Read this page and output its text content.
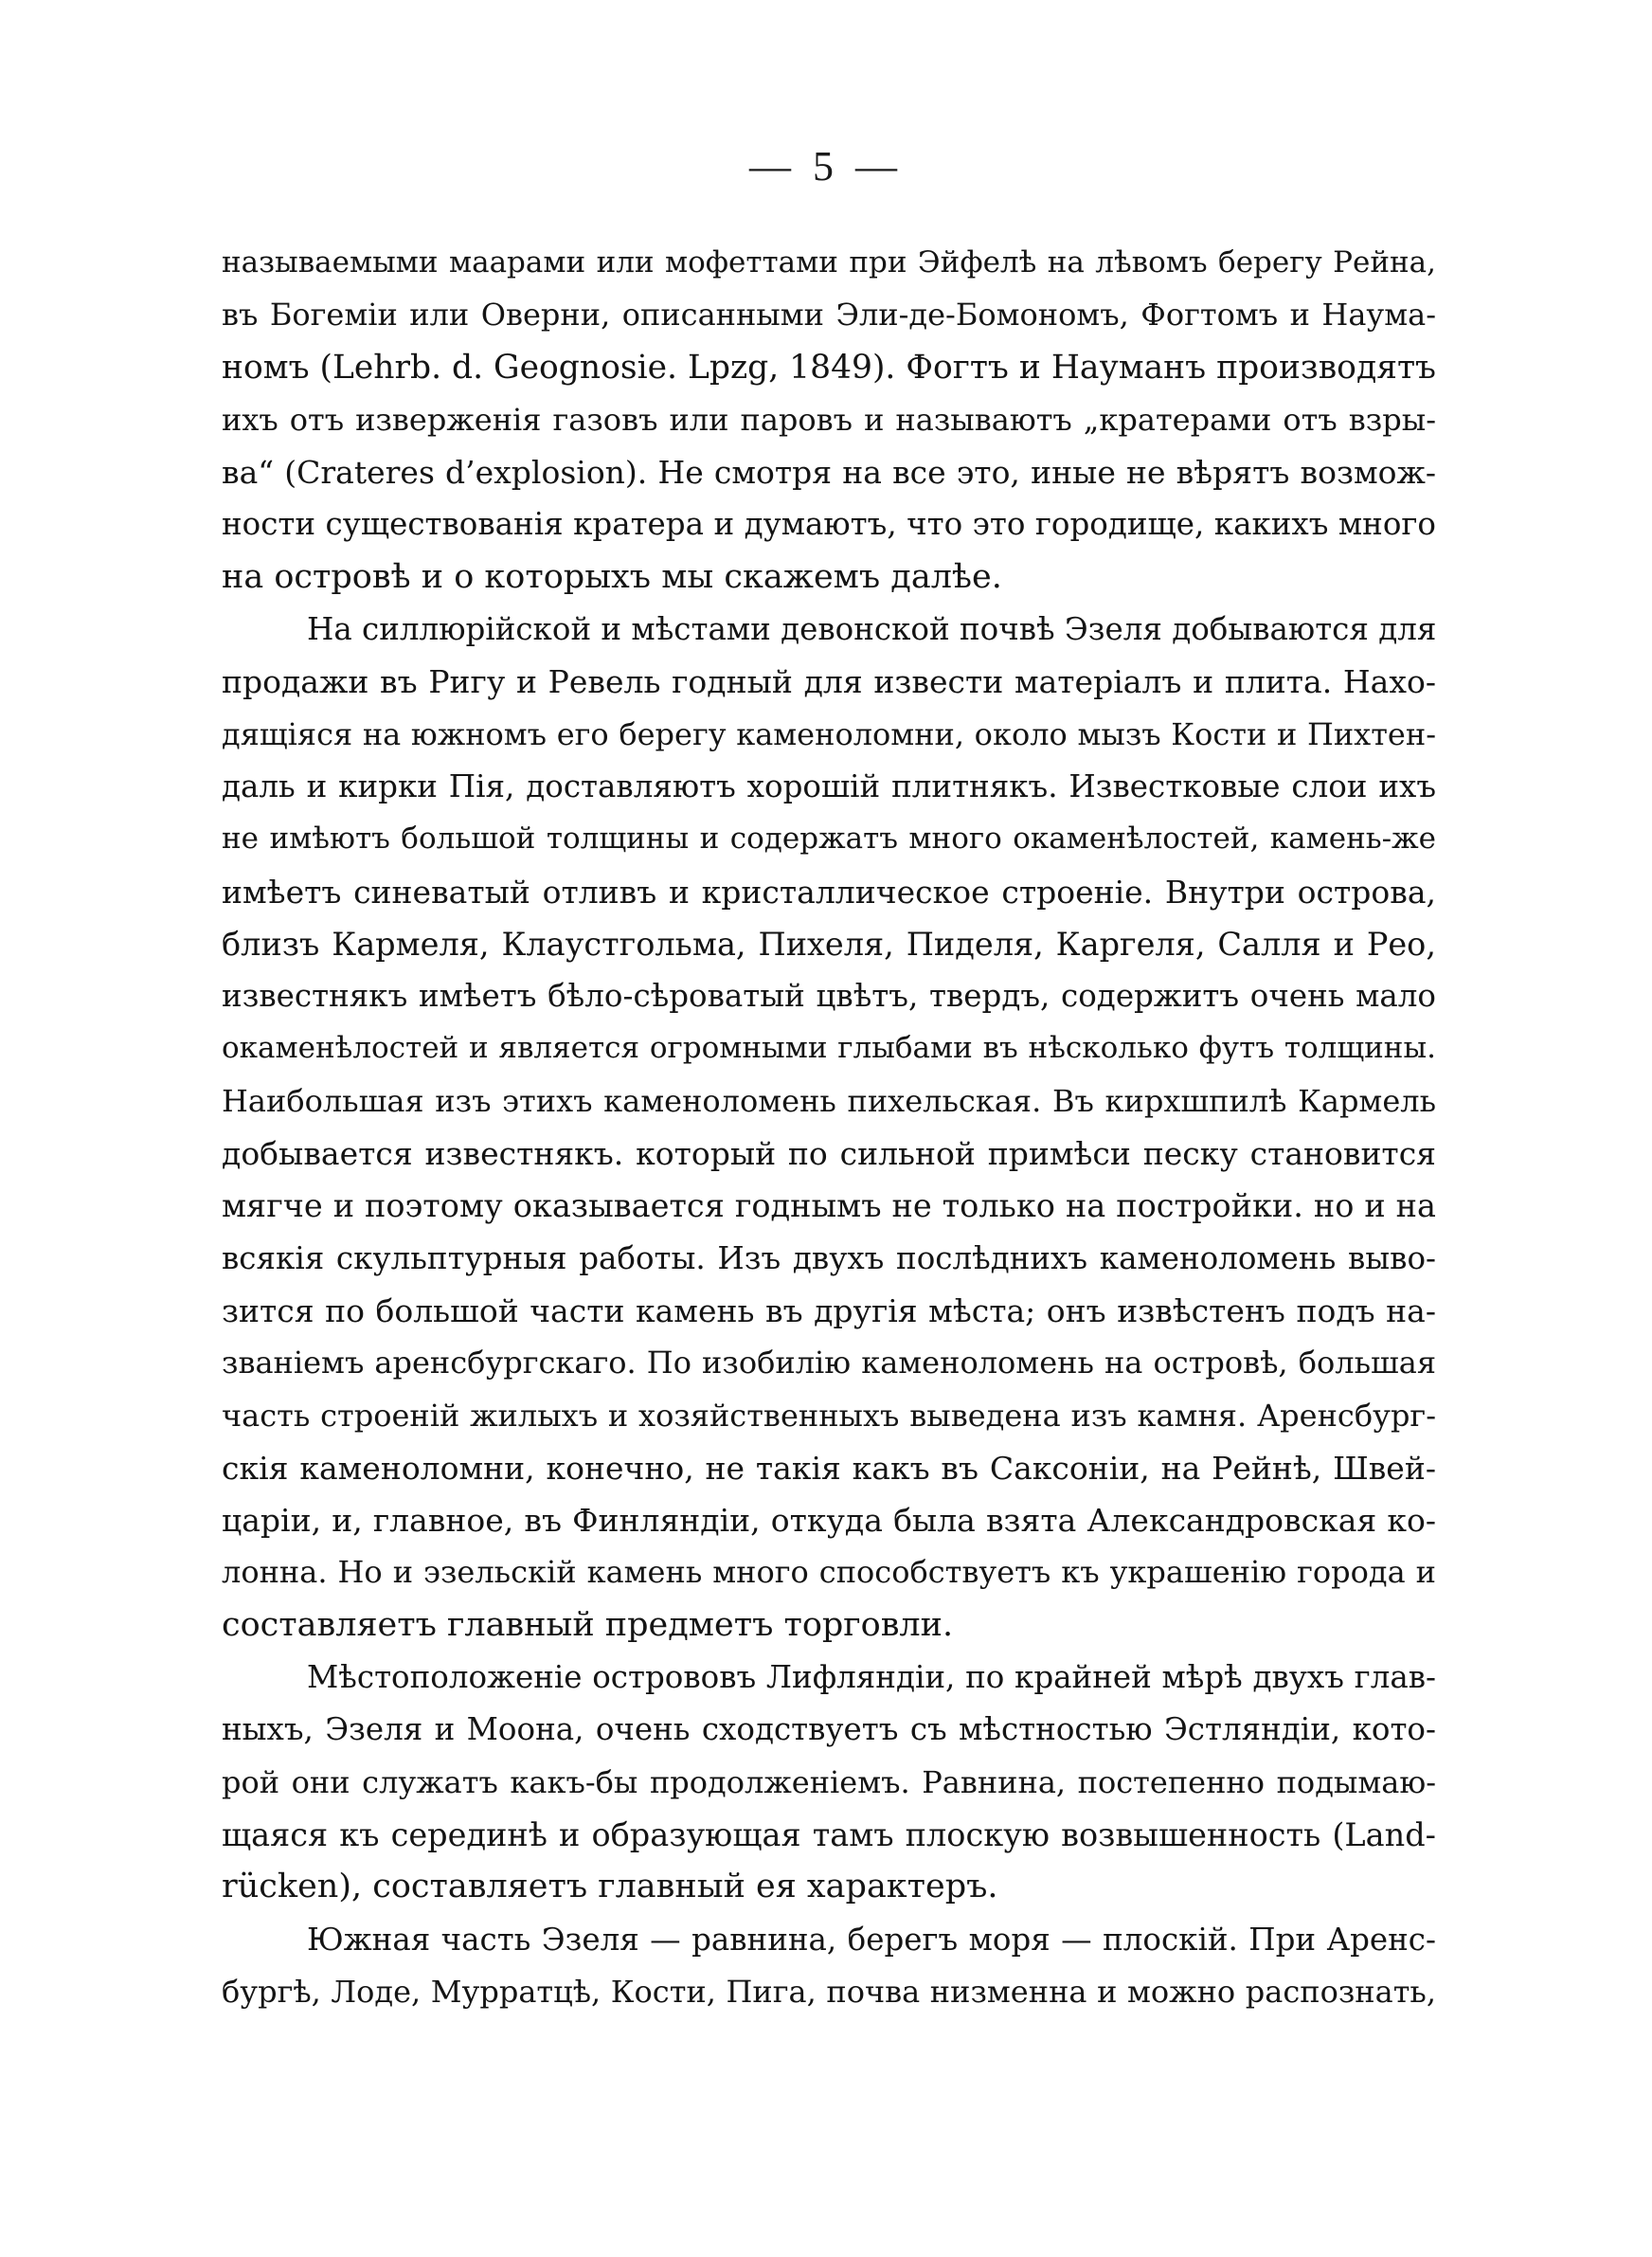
— 5 —
называемыми маарами или мофеттами при Эйфелѣ на лѣвомъ берегу Рейна,
въ Богеміи или Оверни, описанными Эли-де-Бомономъ, Фогтомъ и Наума-
номъ (Lehrb. d. Geognosie. Lpzg, 1849). Фогтъ и Науманъ производятъ
ихъ отъ изверженія газовъ или паровъ и называютъ „кратерами отъ взры-
ва“ (Crateres d’explosion). Не смотря на все это, иные не вѣрятъ возмож-
ности существованія кратера и думаютъ, что это городище, какихъ много
на островѣ и о которыхъ мы скажемъ далѣе.
На силлюрійской и мѣстами девонской почвѣ Эзеля добываются для
продажи въ Ригу и Ревель годный для извести матеріалъ и плита. Нахо-
дящіяся на южномъ его берегу каменоломни, около мызъ Кости и Пихтен-
даль и кирки Пія, доставляютъ хорошій плитнякъ. Известковые слои ихъ
не имѣютъ большой толщины и содержатъ много окаменѣлостей, камень-же
имѣетъ синеватый отливъ и кристаллическое строеніе. Внутри острова,
близъ Кармеля, Клаустгольма, Пихеля, Пиделя, Каргеля, Салля и Рео,
известнякъ имѣетъ бѣло-сѣроватый цвѣтъ, твердъ, содержитъ очень мало
окаменѣлостей и является огромными глыбами въ нѣсколько футъ толщины.
Наибольшая изъ этихъ каменоломень пихельская. Въ кирхшпилѣ Кармель
добывается известнякъ. который по сильной примѣси песку становится
мягче и поэтому оказывается годнымъ не только на постройки. но и на
всякія скульптурныя работы. Изъ двухъ послѣднихъ каменоломень выво-
зится по большой части камень въ другія мѣста; онъ извѣстенъ подъ на-
званіемъ аренсбургскаго. По изобилію каменоломень на островѣ, большая
часть строеній жилыхъ и хозяйственныхъ выведена изъ камня. Аренсбург-
скія каменоломни, конечно, не такія какъ въ Саксоніи, на Рейнѣ, Швей-
царіи, и, главное, въ Финляндіи, откуда была взята Александровская ко-
лонна. Но и эзельскій камень много способствуетъ къ украшенію города и
составляетъ главный предметъ торговли.
Мѣстоположеніе острововъ Лифляндіи, по крайней мѣрѣ двухъ глав-
ныхъ, Эзеля и Моона, очень сходствуетъ съ мѣстностью Эстляндіи, кото-
рой они служатъ какъ-бы продолженіемъ. Равнина, постепенно подымаю-
щаяся къ серединѣ и образующая тамъ плоскую возвышенность (Land-
rücken), составляетъ главный ея характеръ.
Южная часть Эзеля — равнина, берегъ моря — плоскій. При Аренс-
бургѣ, Лоде, Мурратцѣ, Кости, Пига, почва низменна и можно распознать,
